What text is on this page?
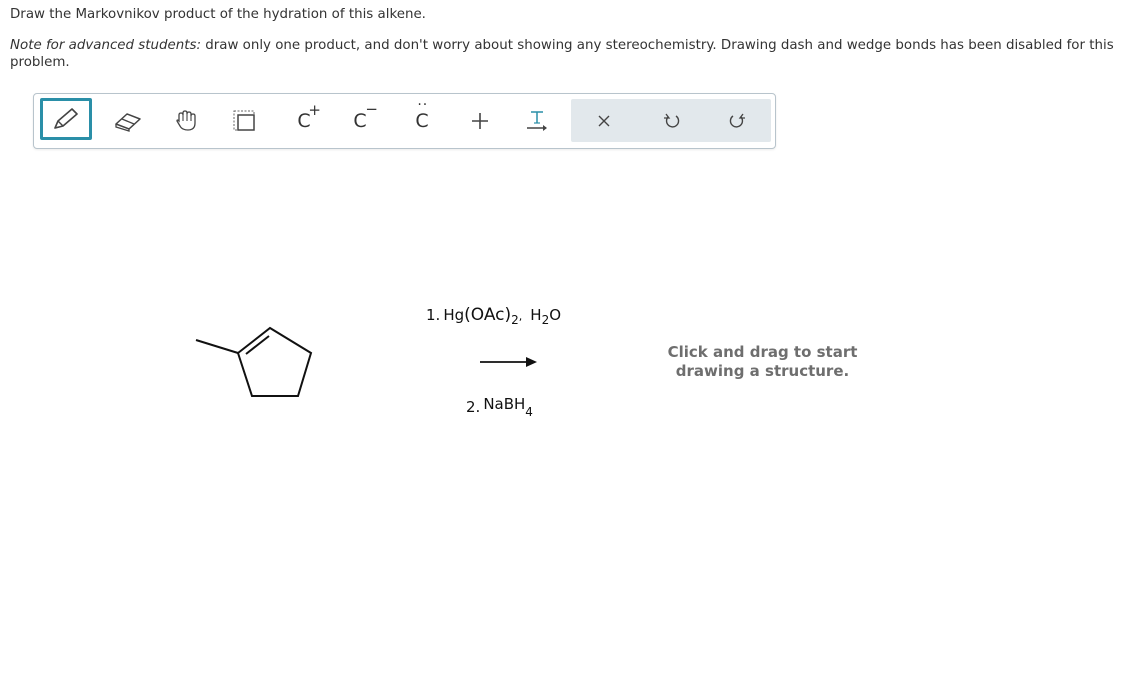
Draw the Markovnikov product of the hydration of this alkene.
Note for advanced students: draw only one product, and don't worry about showing any stereochemistry. Drawing dash and wedge bonds has been disabled for this problem.
C
+ C
−
C
··
1. $Hg(OAc)_2$, $H_2O$
2. NaBH$_4$
Click and drag to start
drawing a structure.
